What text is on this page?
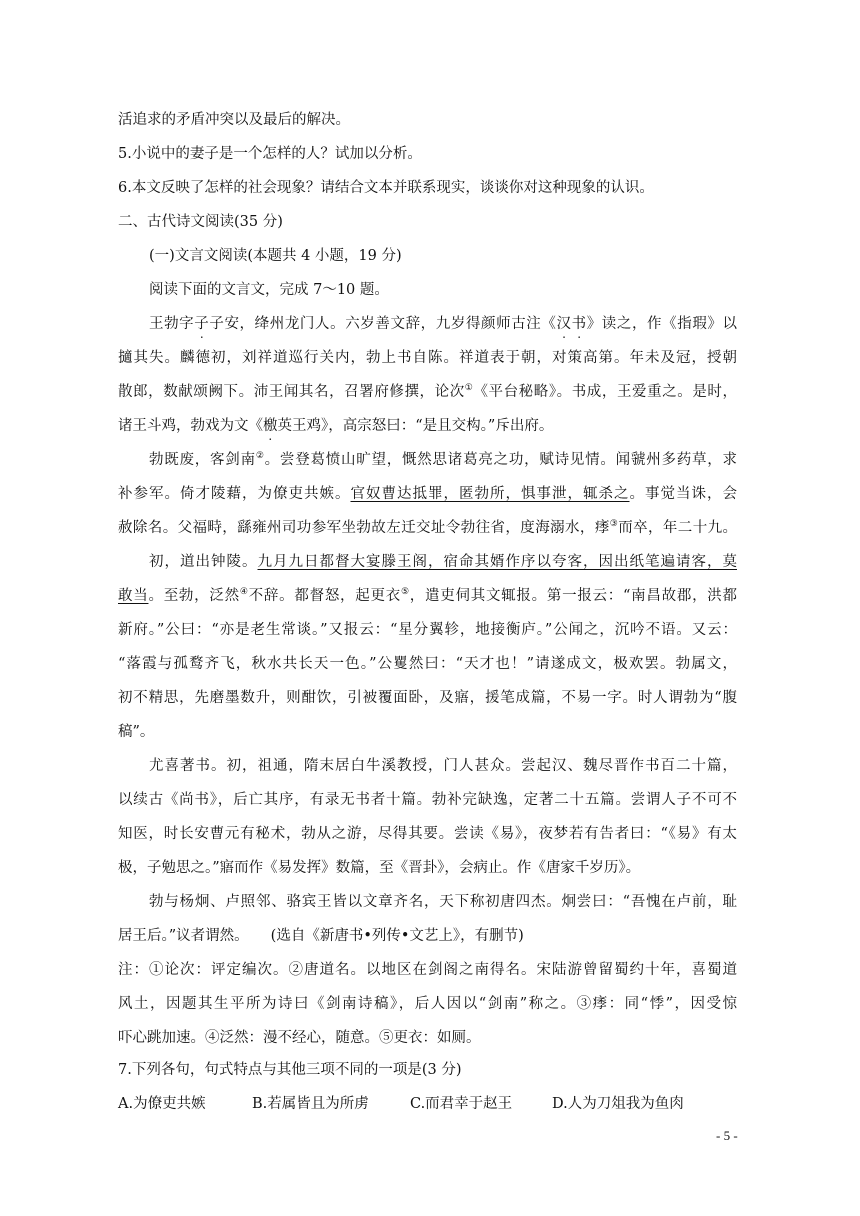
活追求的矛盾冲突以及最后的解决。
5.小说中的妻子是一个怎样的人？试加以分析。
6.本文反映了怎样的社会现象？请结合文本并联系现实，谈谈你对这种现象的认识。
二、古代诗文阅读(35 分)
(一)文言文阅读(本题共 4 小题，19 分)
阅读下面的文言文，完成 7～10 题。
王勃字子子安，绛州龙门人。六岁善文辞，九岁得颜师古注《汉书》读之，作《指瑕》以
擿其失。麟德初，刘祥道巡行关内，勃上书自陈。祥道表于朝，对策高第。年未及冠，授朝
散郎，数献颂阙下。沛王闻其名，召署府修撰，论次①《平台秘略》。书成，王爱重之。是时，
诸王斗鸡，勃戏为文《檄英王鸡》，高宗怒曰：“是且交构。”斥出府。
勃既废，客剑南②。尝登葛愤山旷望，慨然思诸葛亮之功，赋诗见情。闻虢州多药草，求
补参军。倚才陵藉，为僚吏共嫉。官奴曹达抵罪，匿勃所，惧事泄，辄杀之。事觉当诛，会
赦除名。父福畤，繇雍州司功参军坐勃故左迁交址令勃往省，度海溺水，痵③而卒，年二十九。
初，道出钟陵。九月九日都督大宴滕王阁，宿命其婿作序以夸客，因出纸笔遍请客，莫
敢当。至勃，泛然④不辞。都督怒，起更衣⑤，遣吏伺其文辄报。第一报云：“南昌故郡，洪都
新府。”公曰：“亦是老生常谈。”又报云：“星分翼轸，地接衡庐。”公闻之，沉吟不语。又云：
“落霞与孤鹜齐飞，秋水共长天一色。”公矍然曰：“天才也！”请遂成文，极欢罢。勃属文，
初不精思，先磨墨数升，则酣饮，引被覆面卧，及寤，援笔成篇，不易一字。时人谓勃为“腹
稿”。
尤喜著书。初，祖通，隋末居白牛溪教授，门人甚众。尝起汉、魏尽晋作书百二十篇，
以续古《尚书》，后亡其序，有录无书者十篇。勃补完缺逸，定著二十五篇。尝谓人子不可不
知医，时长安曹元有秘术，勃从之游，尽得其要。尝读《易》，夜梦若有告者曰：“《易》有太
极，子勉思之。”寤而作《易发挥》数篇，至《晋卦》，会病止。作《唐家千岁历》。
勃与杨炯、卢照邻、骆宾王皆以文章齐名，天下称初唐四杰。炯尝曰：“吾愧在卢前，耻
居王后。”议者谓然。 (选自《新唐书•列传•文艺上》，有删节)
注：①论次：评定编次。②唐道名。以地区在剑阁之南得名。宋陆游曾留蜀约十年，喜蜀道
风土，因题其生平所为诗曰《剑南诗稿》，后人因以“剑南”称之。③痵：同“悸”，因受惊
吓心跳加速。④泛然：漫不经心，随意。⑤更衣：如厕。
7.下列各句，句式特点与其他三项不同的一项是(3 分)
A.为僚吏共嫉	B.若属皆且为所虏	C.而君幸于赵王	D.人为刀俎我为鱼肉
- 5 -
